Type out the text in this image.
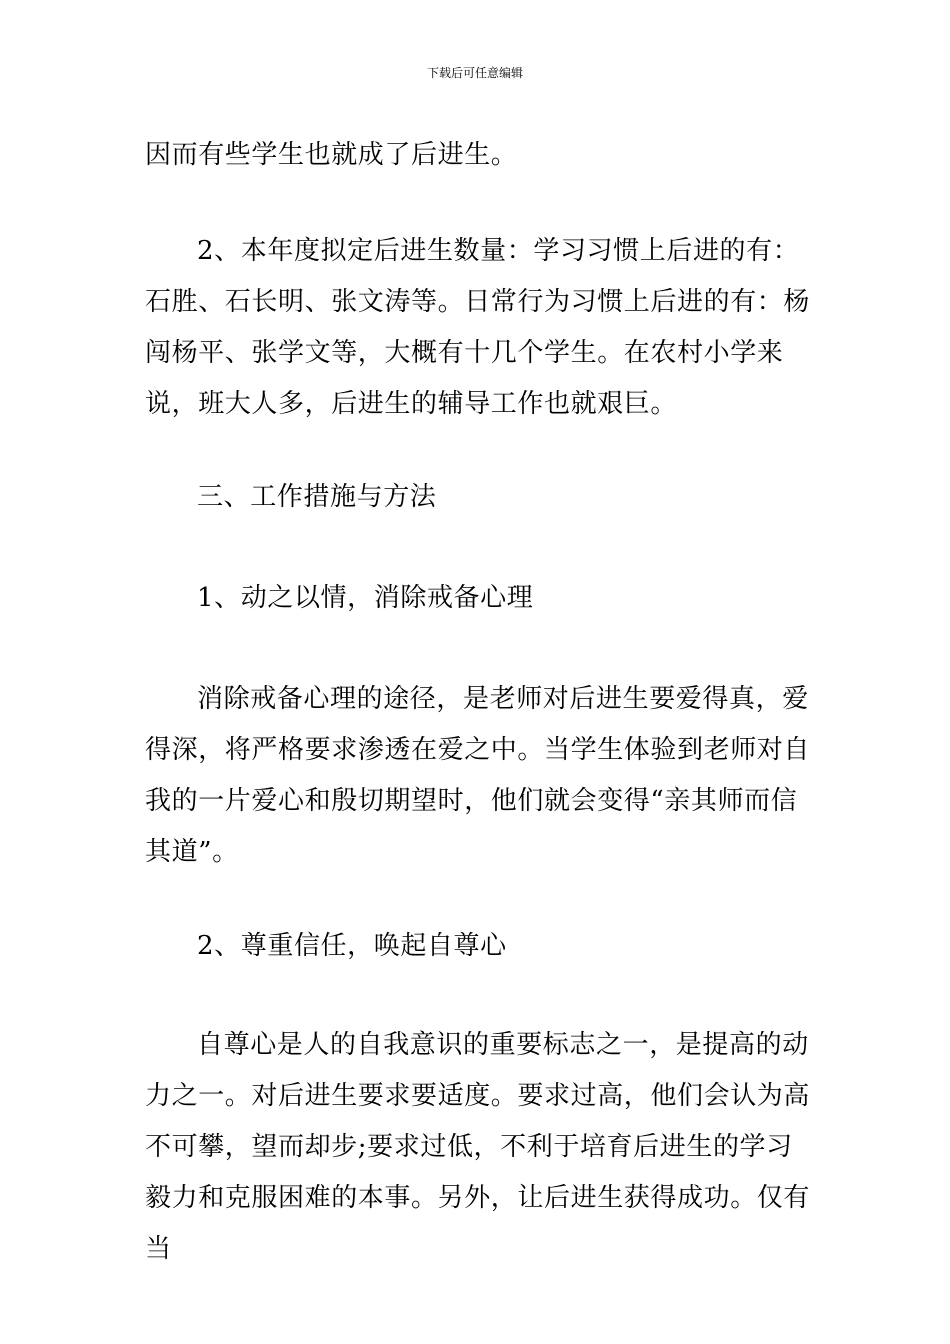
下载后可任意编辑

因而有些学生也就成了后进生。

2、本年度拟定后进生数量：学习习惯上后进的有：石胜、石长明、张文涛等。日常行为习惯上后进的有：杨闯杨平、张学文等，大概有十几个学生。在农村小学来说，班大人多，后进生的辅导工作也就艰巨。

三、工作措施与方法

1、动之以情，消除戒备心理

消除戒备心理的途径，是老师对后进生要爱得真，爱得深，将严格要求渗透在爱之中。当学生体验到老师对自我的一片爱心和殷切期望时，他们就会变得“亲其师而信其道”。

2、尊重信任，唤起自尊心

自尊心是人的自我意识的重要标志之一，是提高的动力之一。对后进生要求要适度。要求过高，他们会认为高不可攀，望而却步;要求过低，不利于培育后进生的学习毅力和克服困难的本事。另外，让后进生获得成功。仅有当
